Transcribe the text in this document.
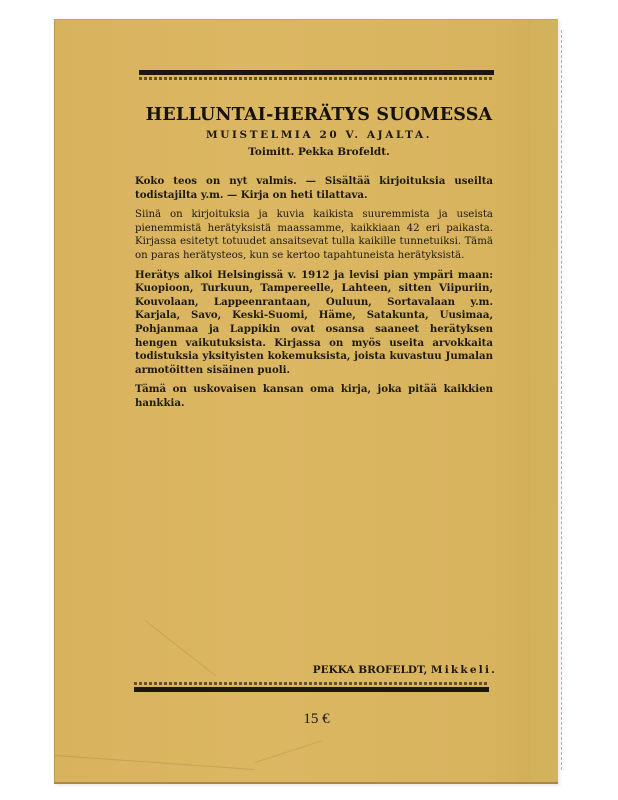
HELLUNTAI-HERÄTYS SUOMESSA
MUISTELMIA 20 V. AJALTA.
Toimitt. Pekka Brofeldt.

Koko teos on nyt valmis. — Sisältää kirjoituksia useilta todistajilta y.m. — Kirja on heti tilattava.

Siinä on kirjoituksia ja kuvia kaikista suuremmista ja useista pienemmistä herätyksistä maassamme, kaikkiaan 42 eri paikasta. Kirjassa esitetyt totuudet ansaitsevat tulla kaikille tunnetuiksi. Tämä on paras herätysteos, kun se kertoo tapahtuneista herätyksistä.

Herätys alkoi Helsingissä v. 1912 ja levisi pian ympäri maan: Kuopioon, Turkuun, Tampereelle, Lahteen, sitten Viipuriin, Kouvolaan, Lappeenrantaan, Ouluun, Sortavalaan y.m. Karjala, Savo, Keski-Suomi, Häme, Satakunta, Uusimaa, Pohjanmaa ja Lappikin ovat osansa saaneet herätyksen hengen vaikutuksista. Kirjassa on myös useita arvokkaita todistuksia yksityisten kokemuksista, joista kuvastuu Jumalan armotöitten sisäinen puoli.

Tämä on uskovaisen kansan oma kirja, joka pitää kaikkien hankkia.

PEKKA BROFELDT, Mikkeli.
15 €
